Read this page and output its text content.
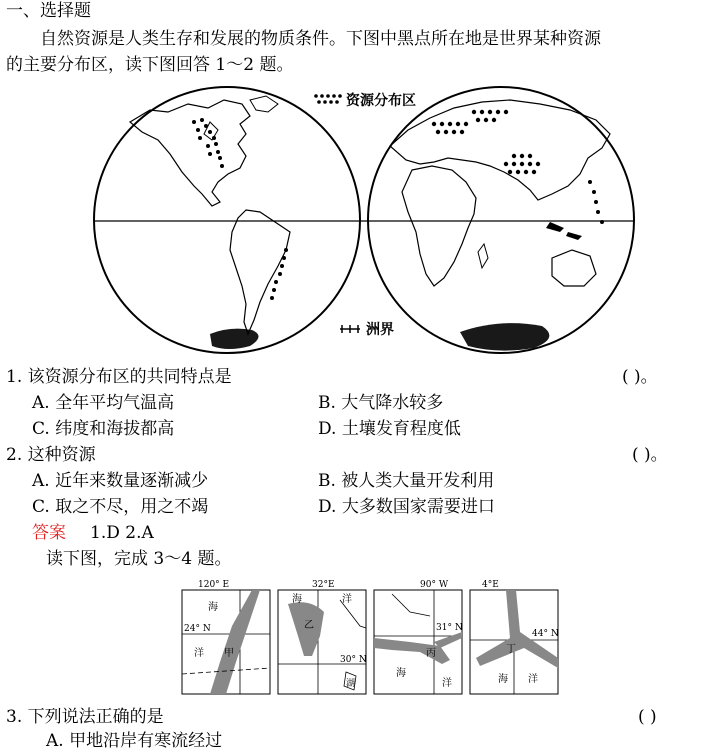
一、选择题
自然资源是人类生存和发展的物质条件。下图中黑点所在地是世界某种资源
的主要分布区，读下图回答 1～2 题。
资源分布区
洲界
1. 该资源分布区的共同特点是	( )。
A. 全年平均气温高	B. 大气降水较多
C. 纬度和海拔都高	D. 土壤发育程度低
2. 这种资源	( )。
A. 近年来数量逐渐减少	B. 被人类大量开发利用
C. 取之不尽，用之不竭	D. 大多数国家需要进口
答案 1.D 2.A
读下图，完成 3～4 题。
120° E
24° N
海
洋 甲
32°E
30° N
海	洋
乙
湖
90° W
31° N
海
洋
丙
4°E
44° N
海 洋
丁
3. 下列说法正确的是	( )
A. 甲地沿岸有寒流经过
